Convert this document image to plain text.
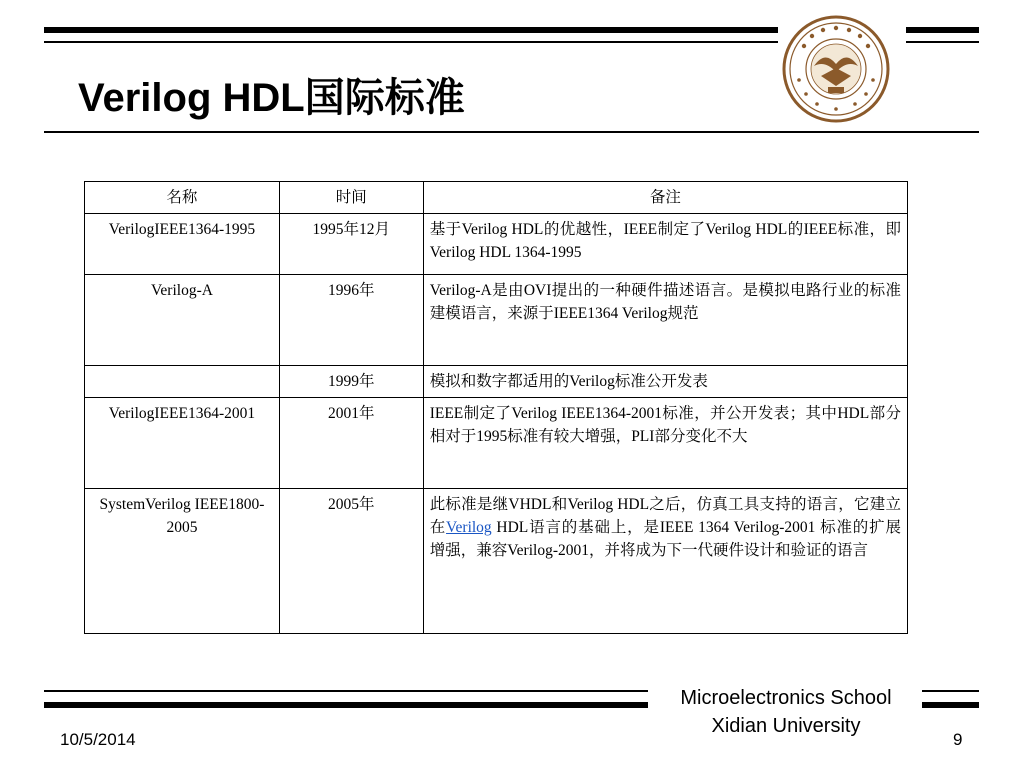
Verilog HDL国际标准
名称	时间	备注
VerilogIEEE1364-1995	1995年12月	基于Verilog HDL的优越性，IEEE制定了Verilog HDL的IEEE标准，即Verilog HDL 1364-1995
Verilog-A	1996年	Verilog-A是由OVI提出的一种硬件描述语言。是模拟电路行业的标准建模语言，来源于IEEE1364 Verilog规范
	1999年	模拟和数字都适用的Verilog标准公开发表
VerilogIEEE1364-2001	2001年	IEEE制定了Verilog IEEE1364-2001标准，并公开发表；其中HDL部分相对于1995标准有较大增强，PLI部分变化不大
SystemVerilog IEEE1800-2005	2005年	此标准是继VHDL和Verilog HDL之后，仿真工具支持的语言，它建立在Verilog HDL语言的基础上，是IEEE 1364 Verilog-2001 标准的扩展增强，兼容Verilog-2001，并将成为下一代硬件设计和验证的语言
Microelectronics School
Xidian University
10/5/2014	9
